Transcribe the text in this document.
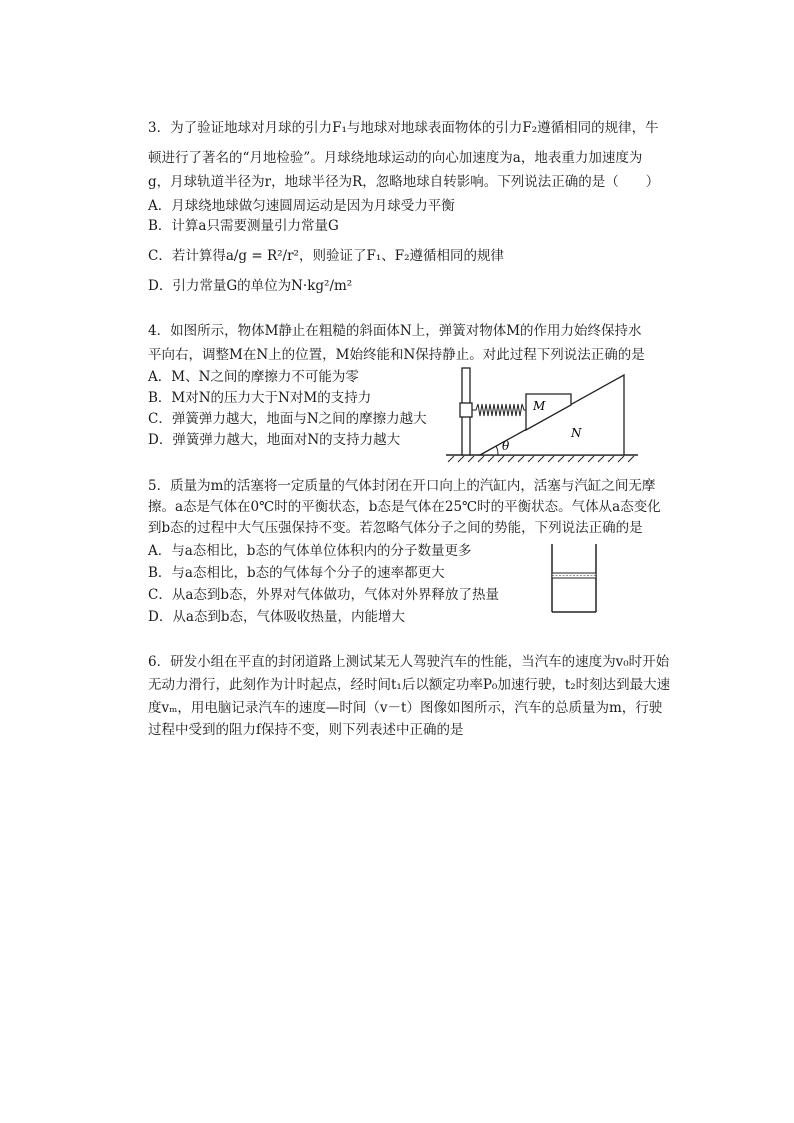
3．为了验证地球对月球的引力F₁与地球对地球表面物体的引力F₂遵循相同的规律，牛
顿进行了著名的“月地检验”。月球绕地球运动的向心加速度为a，地表重力加速度为
g，月球轨道半径为r，地球半径为R，忽略地球自转影响。下列说法正确的是（　　）
A．月球绕地球做匀速圆周运动是因为月球受力平衡
B．计算a只需要测量引力常量G
C．若计算得a/g = R²/r²，则验证了F₁、F₂遵循相同的规律
D．引力常量G的单位为N·kg²/m²
4．如图所示，物体M静止在粗糙的斜面体N上，弹簧对物体M的作用力始终保持水
平向右，调整M在N上的位置，M始终能和N保持静止。对此过程下列说法正确的是
A．M、N之间的摩擦力不可能为零
B．M对N的压力大于N对M的支持力
C．弹簧弹力越大，地面与N之间的摩擦力越大
D．弹簧弹力越大，地面对N的支持力越大
M
N
θ
5．质量为m的活塞将一定质量的气体封闭在开口向上的汽缸内，活塞与汽缸之间无摩
擦。a态是气体在0℃时的平衡状态，b态是气体在25℃时的平衡状态。气体从a态变化
到b态的过程中大气压强保持不变。若忽略气体分子之间的势能，下列说法正确的是
A．与a态相比，b态的气体单位体积内的分子数量更多
B．与a态相比，b态的气体每个分子的速率都更大
C．从a态到b态，外界对气体做功，气体对外界释放了热量
D．从a态到b态，气体吸收热量，内能增大
6．研发小组在平直的封闭道路上测试某无人驾驶汽车的性能，当汽车的速度为v₀时开始
无动力滑行，此刻作为计时起点，经时间t₁后以额定功率P₀加速行驶，t₂时刻达到最大速
度vₘ，用电脑记录汽车的速度—时间（v－t）图像如图所示，汽车的总质量为m，行驶
过程中受到的阻力f保持不变，则下列表述中正确的是
